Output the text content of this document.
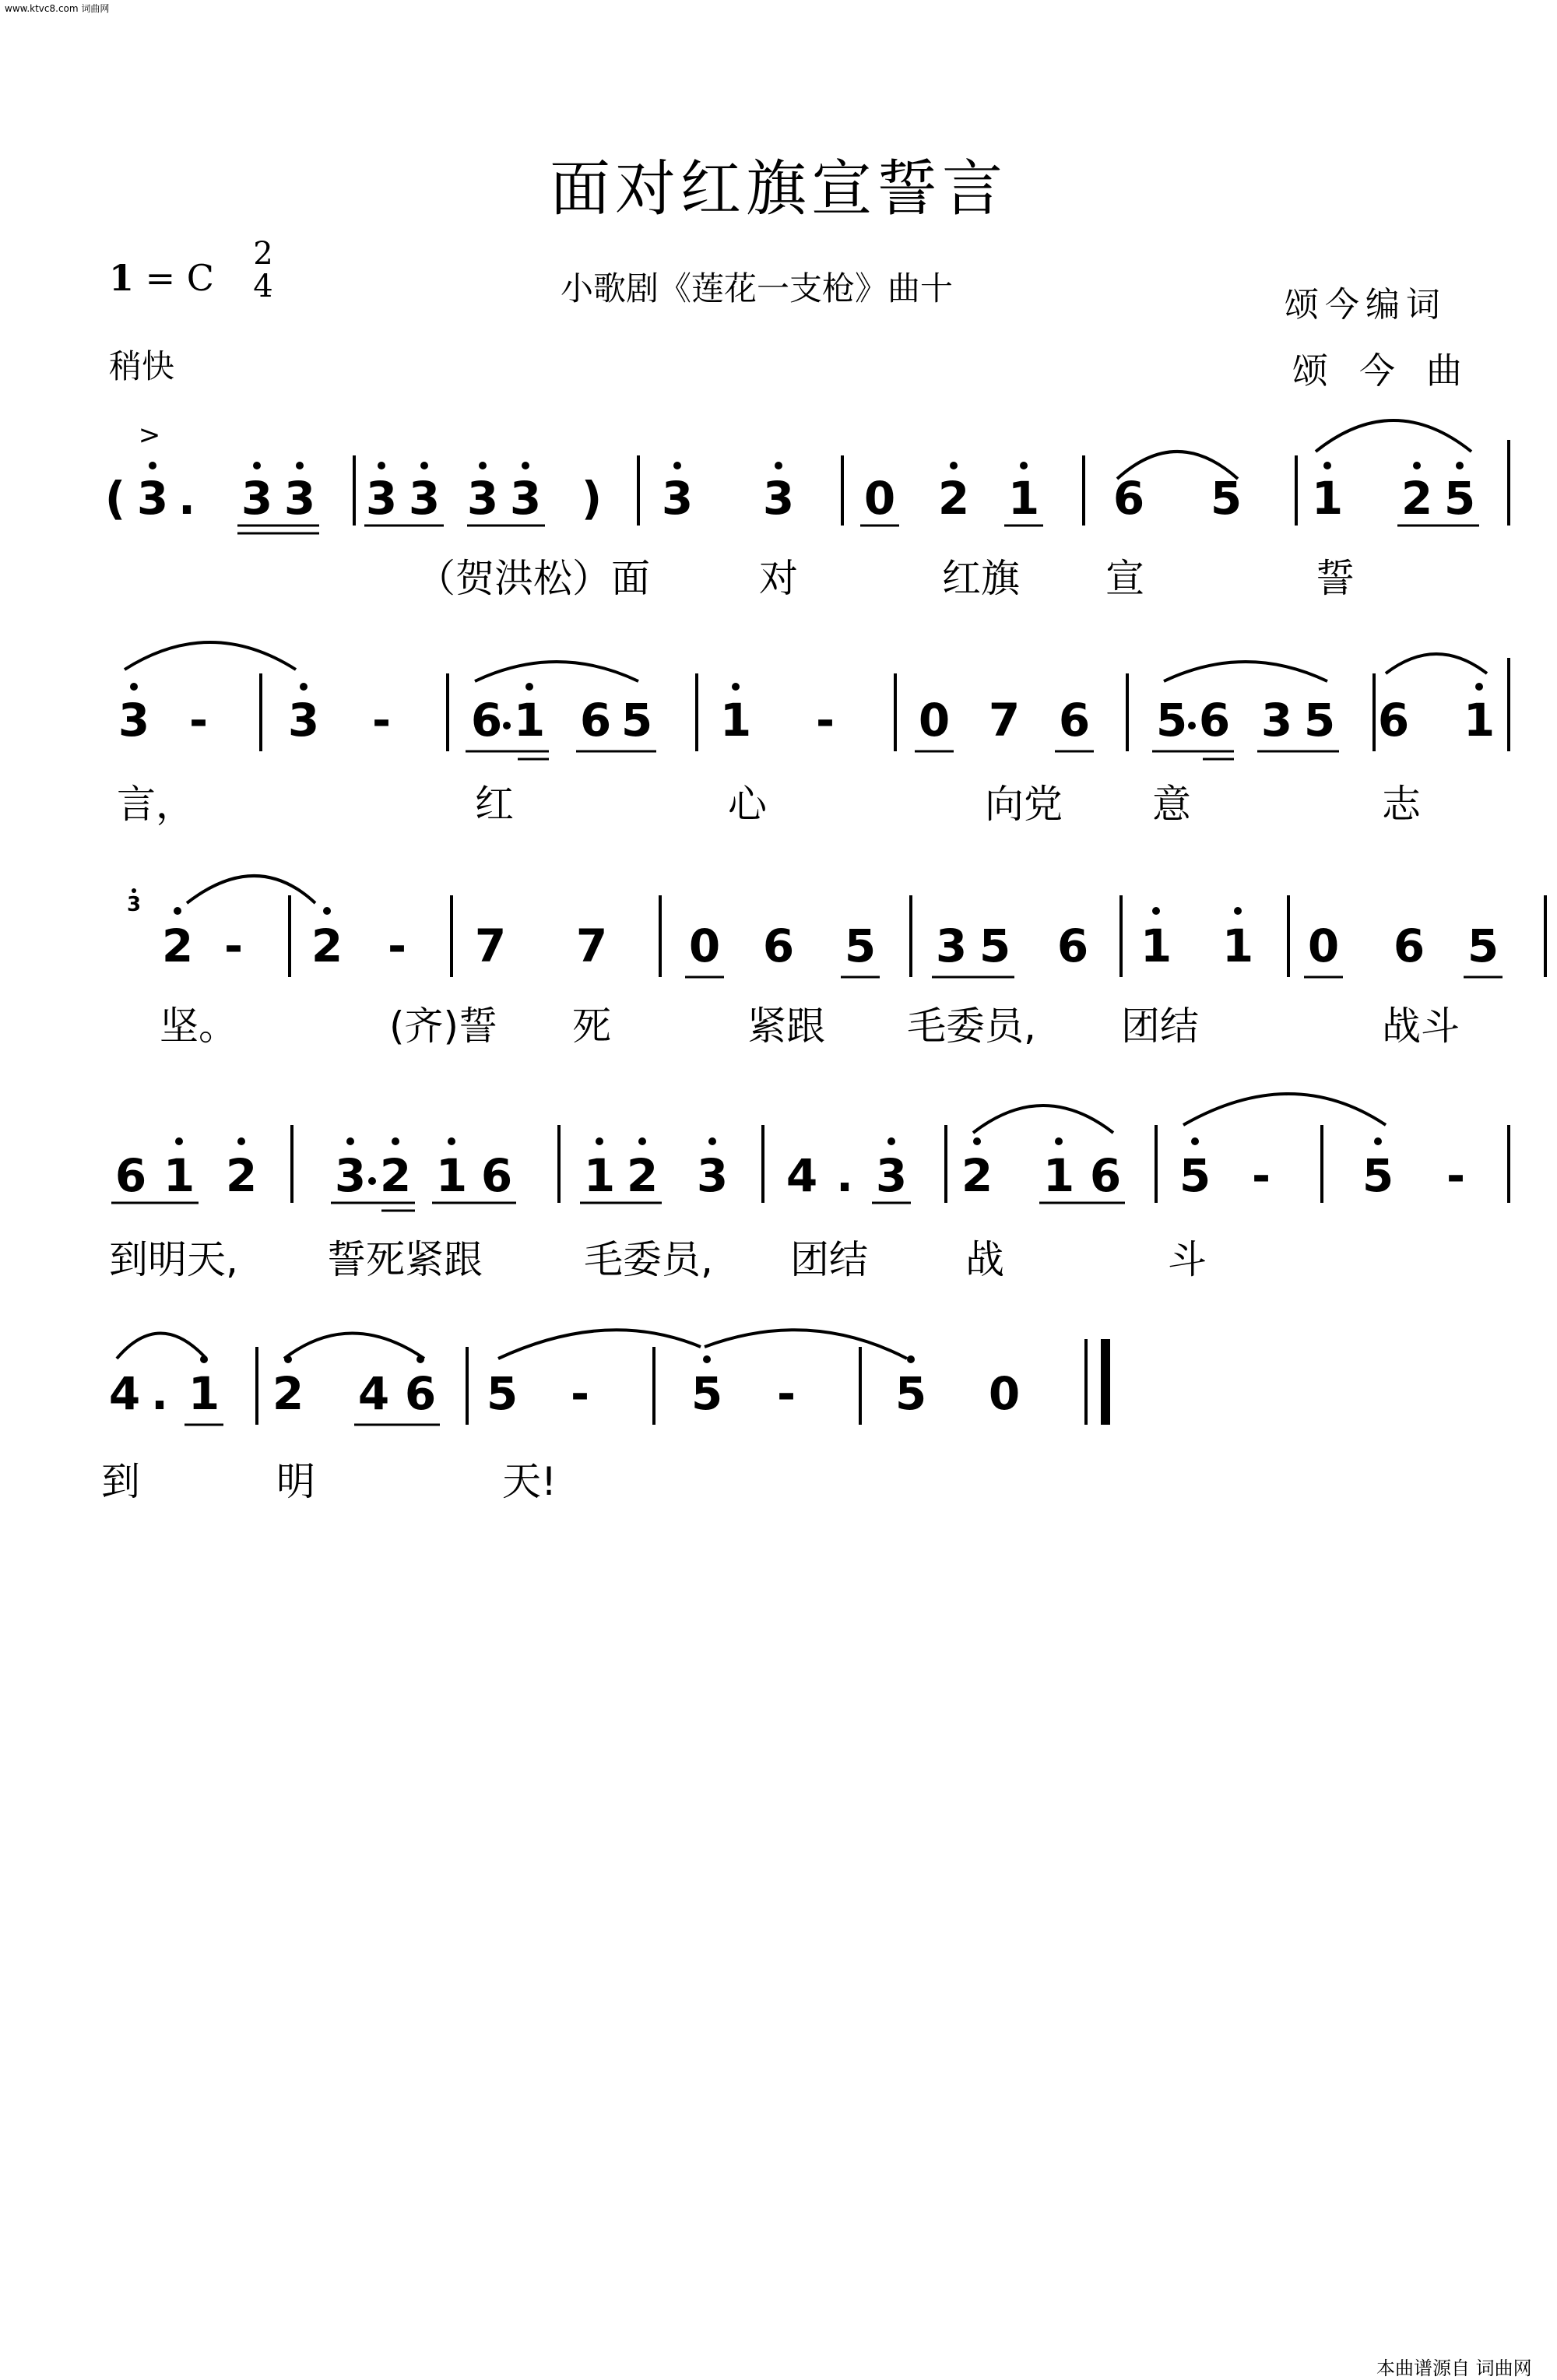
www.ktvc8.com 词曲网
面对红旗宣誓言
1 = C
2
4	小歌剧《莲花一支枪》曲十	颂今编词
颂今曲
稍快
本曲谱源自 词曲网
>
( 3 . 3 3 3 3 3 3 ) 3 3 0 2 1 6 5 1 2 5
（贺洪松）面	对	红旗 宣	誓
3 - 3 - 6 1 6 5 1 - 0 7 6 5 6 3 5 6 1
言，	红	心	向党 意	志
3
2 - 2 - 7 7 0 6 5 3 5 6 1 1 0 6 5
坚。	(齐)誓 死	紧跟 毛委员, 团结	战斗
6 1 2 3 2 1 6 1 2 3 4 . 3 2 1 6 5 - 5 -
到明天, 誓死紧跟	毛委员, 团结	战	斗
4 . 1 2 4 6 5 - 5 - 5 0
到	明	天!
